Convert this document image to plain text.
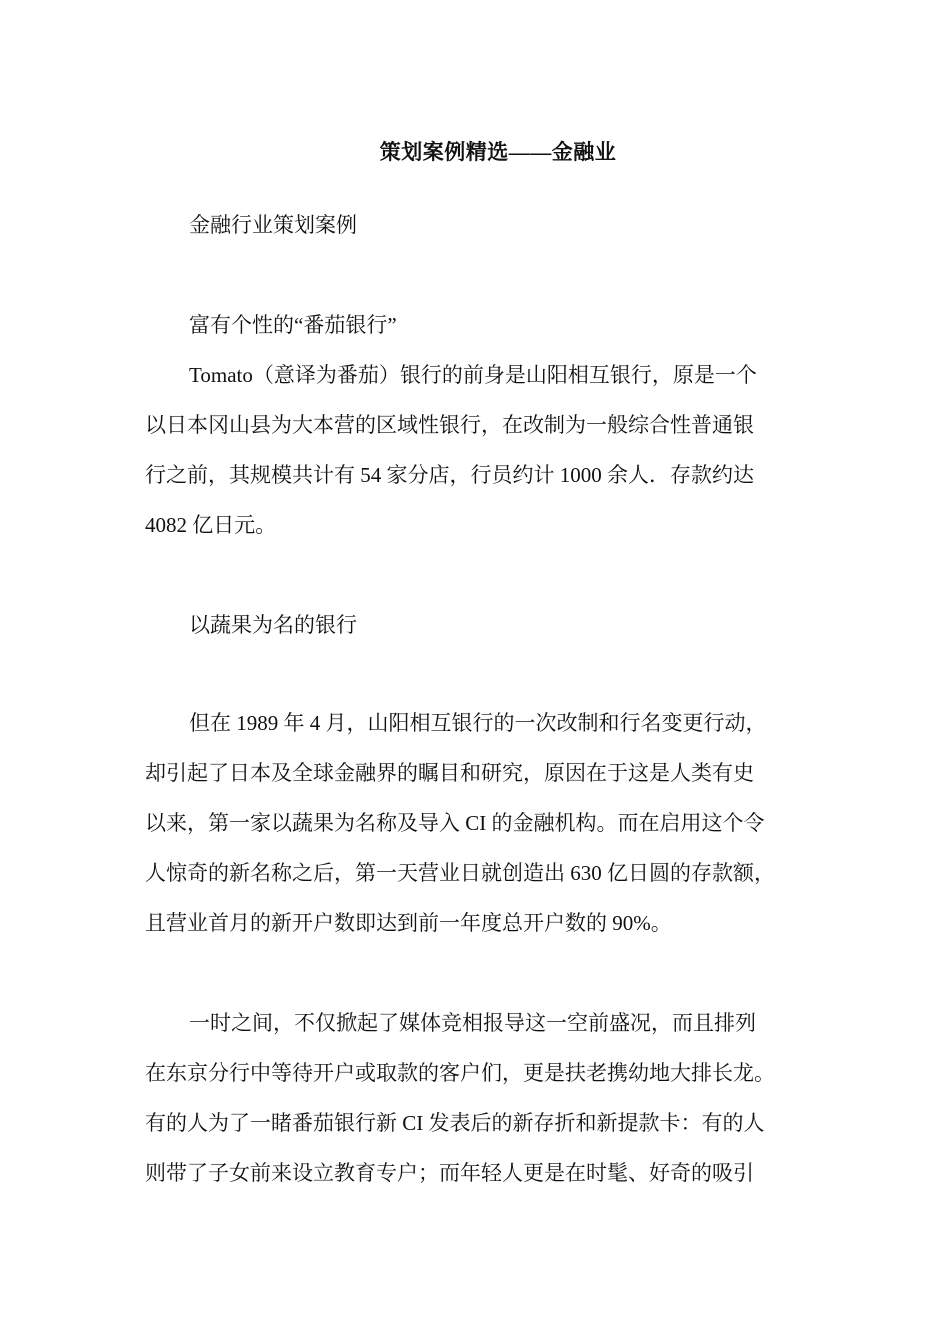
策划案例精选——金融业
金融行业策划案例
富有个性的“番茄银行”
Tomato（意译为番茄）银行的前身是山阳相互银行，原是一个
以日本冈山县为大本营的区域性银行，在改制为一般综合性普通银
行之前，其规模共计有 54 家分店，行员约计 1000 余人．存款约达
4082 亿日元。
以蔬果为名的银行
但在 1989 年 4 月，山阳相互银行的一次改制和行名变更行动，
却引起了日本及全球金融界的瞩目和研究，原因在于这是人类有史
以来，第一家以蔬果为名称及导入 CI 的金融机构。而在启用这个令
人惊奇的新名称之后，第一天营业日就创造出 630 亿日圆的存款额，
且营业首月的新开户数即达到前一年度总开户数的 90%。
一时之间，不仅掀起了媒体竞相报导这一空前盛况，而且排列
在东京分行中等待开户或取款的客户们，更是扶老携幼地大排长龙。
有的人为了一睹番茄银行新 CI 发表后的新存折和新提款卡：有的人
则带了子女前来设立教育专户；而年轻人更是在时髦、好奇的吸引
